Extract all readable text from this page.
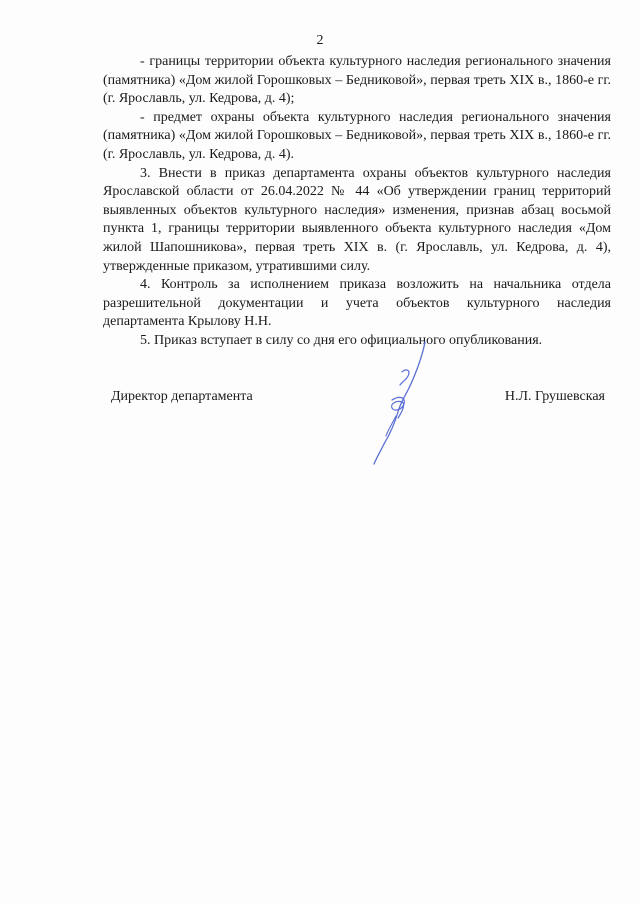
2

- границы территории объекта культурного наследия регионального значения (памятника) «Дом жилой Горошковых – Бедниковой», первая треть XIX в., 1860-е гг. (г. Ярославль, ул. Кедрова, д. 4);

- предмет охраны объекта культурного наследия регионального значения (памятника) «Дом жилой Горошковых – Бедниковой», первая треть XIX в., 1860-е гг. (г. Ярославль, ул. Кедрова, д. 4).

3. Внести в приказ департамента охраны объектов культурного наследия Ярославской области от 26.04.2022 № 44 «Об утверждении границ территорий выявленных объектов культурного наследия» изменения, признав абзац восьмой пункта 1, границы территории выявленного объекта культурного наследия «Дом жилой Шапошникова», первая треть XIX в. (г. Ярославль, ул. Кедрова, д. 4), утвержденные приказом, утратившими силу.

4. Контроль за исполнением приказа возложить на начальника отдела разрешительной документации и учета объектов культурного наследия департамента Крылову Н.Н.

5. Приказ вступает в силу со дня его официального опубликования.

Директор департамента	Н.Л. Грушевская
